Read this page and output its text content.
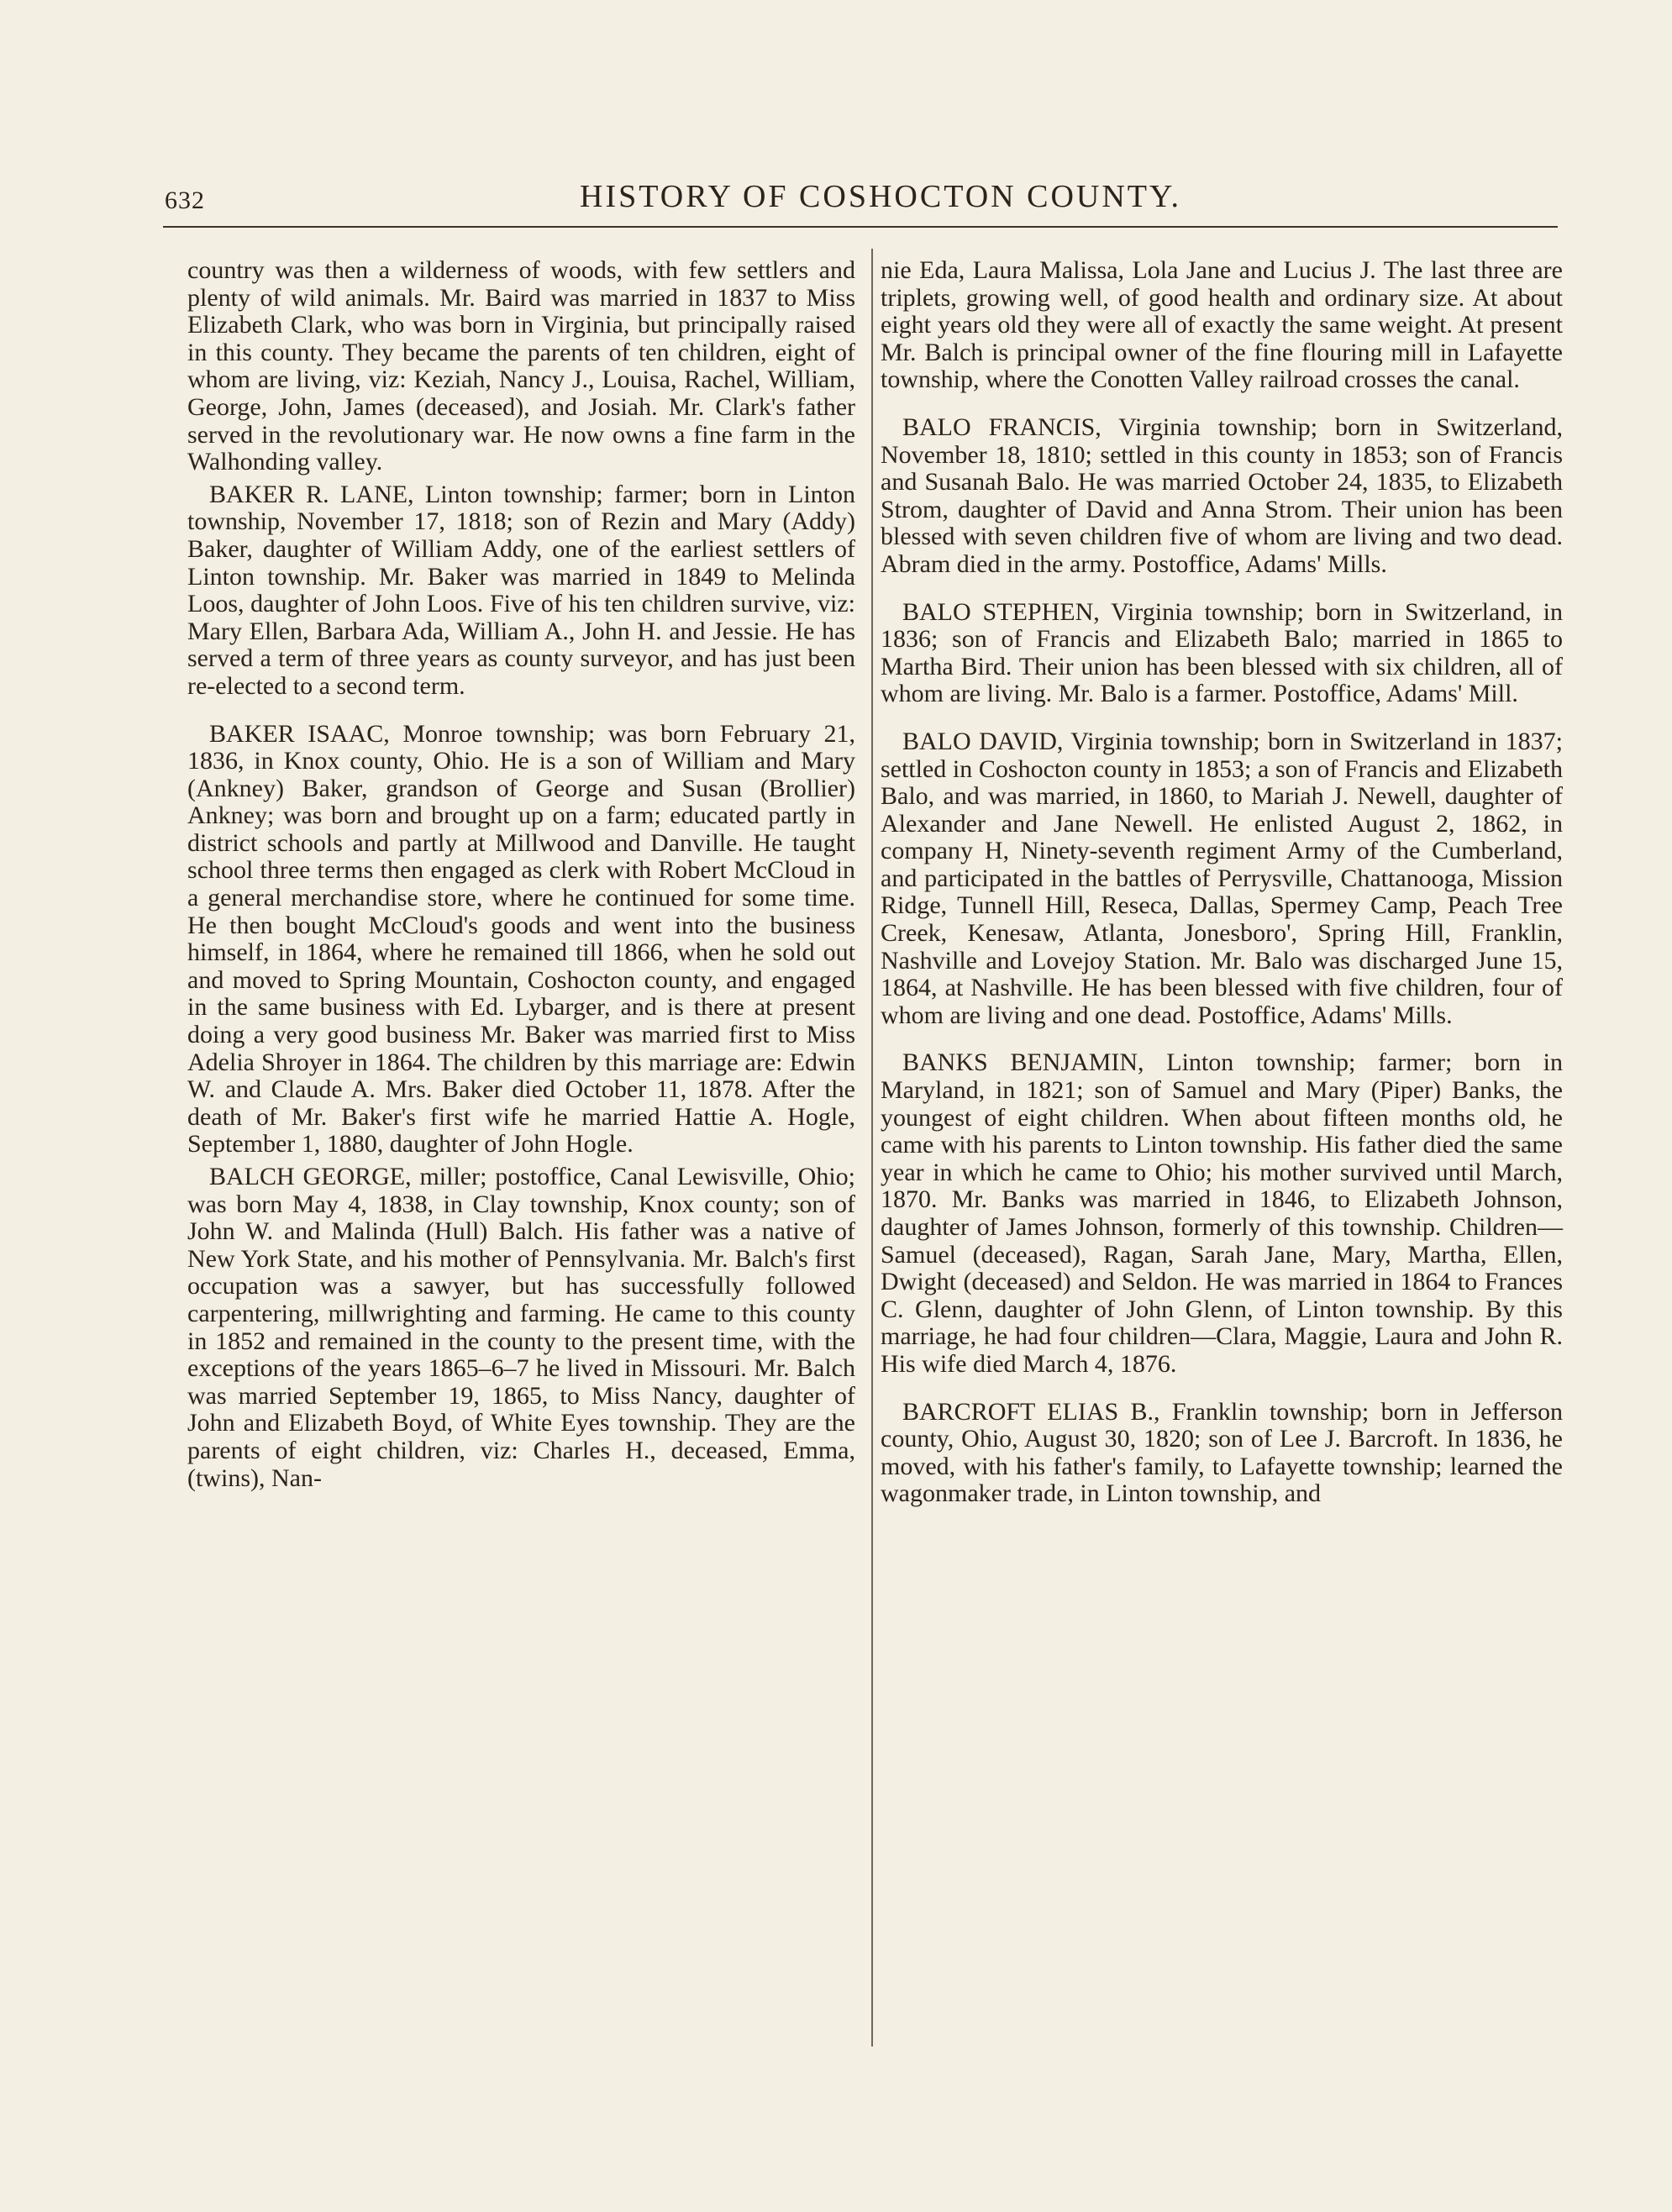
632	HISTORY OF COSHOCTON COUNTY.

country was then a wilderness of woods, with few settlers and plenty of wild animals. Mr. Baird was married in 1837 to Miss Elizabeth Clark, who was born in Virginia, but principally raised in this county. They became the parents of ten children, eight of whom are living, viz: Keziah, Nancy J., Louisa, Rachel, William, George, John, James (deceased), and Josiah. Mr. Clark's father served in the revolutionary war. He now owns a fine farm in the Walhonding valley.

BAKER R. LANE, Linton township; farmer; born in Linton township, November 17, 1818; son of Rezin and Mary (Addy) Baker, daughter of William Addy, one of the earliest settlers of Linton township. Mr. Baker was married in 1849 to Melinda Loos, daughter of John Loos. Five of his ten children survive, viz: Mary Ellen, Barbara Ada, William A., John H. and Jessie. He has served a term of three years as county surveyor, and has just been re-elected to a second term.

BAKER ISAAC, Monroe township; was born February 21, 1836, in Knox county, Ohio. He is a son of William and Mary (Ankney) Baker, grandson of George and Susan (Brollier) Ankney; was born and brought up on a farm; educated partly in district schools and partly at Millwood and Danville. He taught school three terms then engaged as clerk with Robert McCloud in a general merchandise store, where he continued for some time. He then bought McCloud's goods and went into the business himself, in 1864, where he remained till 1866, when he sold out and moved to Spring Mountain, Coshocton county, and engaged in the same business with Ed. Lybarger, and is there at present doing a very good business Mr. Baker was married first to Miss Adelia Shroyer in 1864. The children by this marriage are: Edwin W. and Claude A. Mrs. Baker died October 11, 1878. After the death of Mr. Baker's first wife he married Hattie A. Hogle, September 1, 1880, daughter of John Hogle.

BALCH GEORGE, miller; postoffice, Canal Lewisville, Ohio; was born May 4, 1838, in Clay township, Knox county; son of John W. and Malinda (Hull) Balch. His father was a native of New York State, and his mother of Pennsylvania. Mr. Balch's first occupation was a sawyer, but has successfully followed carpentering, millwrighting and farming. He came to this county in 1852 and remained in the county to the present time, with the exceptions of the years 1865–6–7 he lived in Missouri. Mr. Balch was married September 19, 1865, to Miss Nancy, daughter of John and Elizabeth Boyd, of White Eyes township. They are the parents of eight children, viz: Charles H., deceased, Emma, (twins), Nan-

nie Eda, Laura Malissa, Lola Jane and Lucius J. The last three are triplets, growing well, of good health and ordinary size. At about eight years old they were all of exactly the same weight. At present Mr. Balch is principal owner of the fine flouring mill in Lafayette township, where the Conotten Valley railroad crosses the canal.

BALO FRANCIS, Virginia township; born in Switzerland, November 18, 1810; settled in this county in 1853; son of Francis and Susanah Balo. He was married October 24, 1835, to Elizabeth Strom, daughter of David and Anna Strom. Their union has been blessed with seven children five of whom are living and two dead. Abram died in the army. Postoffice, Adams' Mills.

BALO STEPHEN, Virginia township; born in Switzerland, in 1836; son of Francis and Elizabeth Balo; married in 1865 to Martha Bird. Their union has been blessed with six children, all of whom are living. Mr. Balo is a farmer. Postoffice, Adams' Mill.

BALO DAVID, Virginia township; born in Switzerland in 1837; settled in Coshocton county in 1853; a son of Francis and Elizabeth Balo, and was married, in 1860, to Mariah J. Newell, daughter of Alexander and Jane Newell. He enlisted August 2, 1862, in company H, Ninety-seventh regiment Army of the Cumberland, and participated in the battles of Perrysville, Chattanooga, Mission Ridge, Tunnell Hill, Reseca, Dallas, Spermey Camp, Peach Tree Creek, Kenesaw, Atlanta, Jonesboro', Spring Hill, Franklin, Nashville and Lovejoy Station. Mr. Balo was discharged June 15, 1864, at Nashville. He has been blessed with five children, four of whom are living and one dead. Postoffice, Adams' Mills.

BANKS BENJAMIN, Linton township; farmer; born in Maryland, in 1821; son of Samuel and Mary (Piper) Banks, the youngest of eight children. When about fifteen months old, he came with his parents to Linton township. His father died the same year in which he came to Ohio; his mother survived until March, 1870. Mr. Banks was married in 1846, to Elizabeth Johnson, daughter of James Johnson, formerly of this township. Children—Samuel (deceased), Ragan, Sarah Jane, Mary, Martha, Ellen, Dwight (deceased) and Seldon. He was married in 1864 to Frances C. Glenn, daughter of John Glenn, of Linton township. By this marriage, he had four children—Clara, Maggie, Laura and John R. His wife died March 4, 1876.

BARCROFT ELIAS B., Franklin township; born in Jefferson county, Ohio, August 30, 1820; son of Lee J. Barcroft. In 1836, he moved, with his father's family, to Lafayette township; learned the wagonmaker trade, in Linton township, and
